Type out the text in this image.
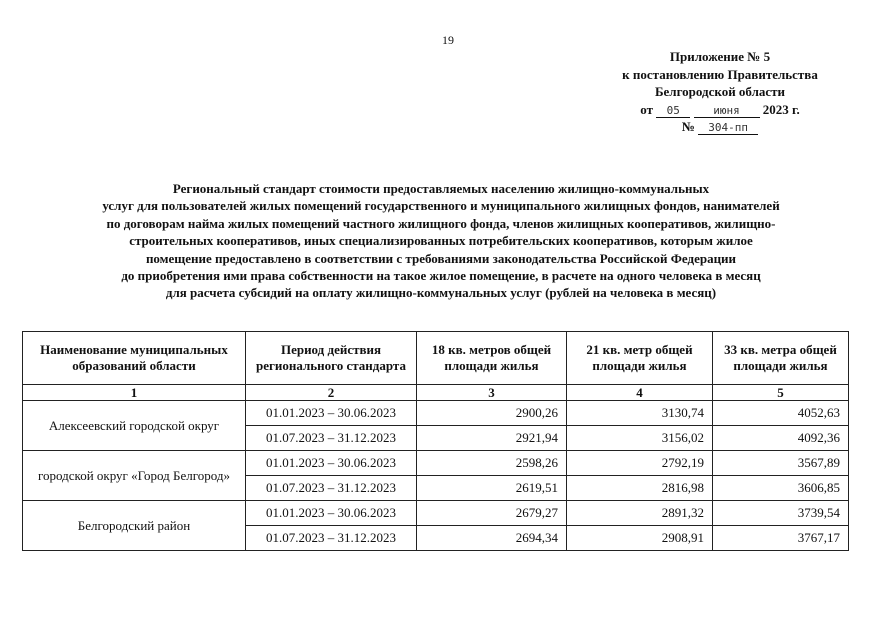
19
Приложение № 5
к постановлению Правительства
Белгородской области
от 05	июня 2023 г.
№ 304-пп
Региональный стандарт стоимости предоставляемых населению жилищно-коммунальных
услуг для пользователей жилых помещений государственного и муниципального жилищных фондов, нанимателей
по договорам найма жилых помещений частного жилищного фонда, членов жилищных кооперативов, жилищно-
строительных кооперативов, иных специализированных потребительских кооперативов, которым жилое
помещение предоставлено в соответствии с требованиями законодательства Российской Федерации
до приобретения ими права собственности на такое жилое помещение, в расчете на одного человека в месяц
для расчета субсидий на оплату жилищно-коммунальных услуг (рублей на человека в месяц)
Наименование муниципальных образований области	Период действия регионального стандарта	18 кв. метров общей площади жилья	21 кв. метр общей площади жилья	33 кв. метра общей площади жилья
1	2	3	4	5
Алексеевский городской округ	01.01.2023 – 30.06.2023	2900,26	3130,74	4052,63
	01.07.2023 – 31.12.2023	2921,94	3156,02	4092,36
городской округ «Город Белгород»	01.01.2023 – 30.06.2023	2598,26	2792,19	3567,89
	01.07.2023 – 31.12.2023	2619,51	2816,98	3606,85
Белгородский район	01.01.2023 – 30.06.2023	2679,27	2891,32	3739,54
	01.07.2023 – 31.12.2023	2694,34	2908,91	3767,17
